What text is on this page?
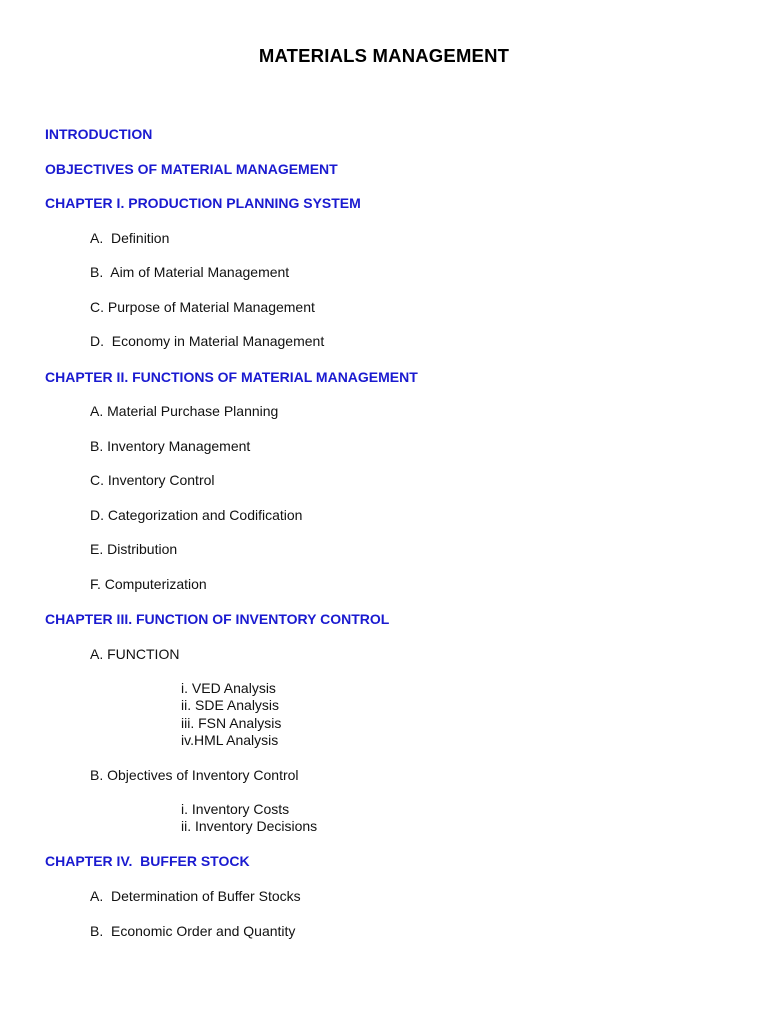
MATERIALS MANAGEMENT
INTRODUCTION
OBJECTIVES OF MATERIAL MANAGEMENT
CHAPTER I. PRODUCTION PLANNING SYSTEM
A.  Definition
B.  Aim of Material Management
C. Purpose of Material Management
D.  Economy in Material Management
CHAPTER II. FUNCTIONS OF MATERIAL MANAGEMENT
A. Material Purchase Planning
B. Inventory Management
C. Inventory Control
D. Categorization and Codification
E. Distribution
F. Computerization
CHAPTER III. FUNCTION OF INVENTORY CONTROL
A. FUNCTION
i. VED Analysis
ii. SDE Analysis
iii. FSN Analysis
iv.HML Analysis
B. Objectives of Inventory Control
i. Inventory Costs
ii. Inventory Decisions
CHAPTER IV.  BUFFER STOCK
A.  Determination of Buffer Stocks
B.  Economic Order and Quantity
